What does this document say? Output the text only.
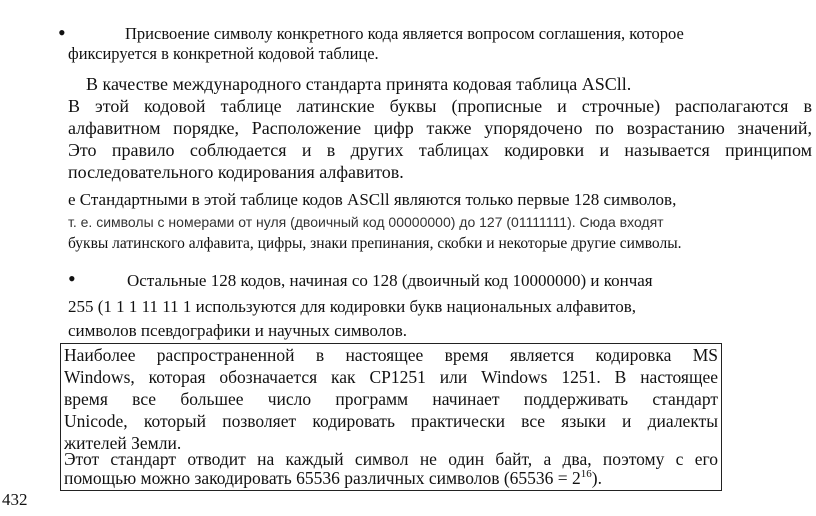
•	Присвоение символу конкретного кода является вопросом соглашения, которое
фиксируется в конкретной кодовой таблице.
В качестве международного стандарта принята кодовая таблица ASCll.
В этой кодовой таблице латинские буквы (прописные и строчные) располагаются в
алфавитном порядке, Расположение цифр также упорядочено по возрастанию значений,
Это правило соблюдается и в других таблицах кодировки и называется принципом
последовательного кодирования алфавитов.
е Стандартными в этой таблице кодов ASCll являются только первые 128 символов,
т. е. символы с номерами от нуля (двоичный код 00000000) до 127 (01111111). Сюда входят
буквы латинского алфавита, цифры, знаки препинания, скобки и некоторые другие символы.
•	Остальные 128 кодов, начиная со 128 (двоичный код 10000000) и кончая
255 (1 1 1 11 11 1 используются для кодировки букв национальных алфавитов,
символов псевдографики и научных символов.
Наиболее распространенной в настоящее время является кодировка MS
Windows, которая обозначается как CP1251 или Windows 1251. В настоящее
время все большее число программ начинает поддерживать стандарт
Unicode, который позволяет кодировать практически все языки и диалекты
жителей Земли.
Этот стандарт отводит на каждый символ не один байт, а два, поэтому с его
помощью можно закодировать 65536 различных символов $(65536 = 2^{16})$.
432
